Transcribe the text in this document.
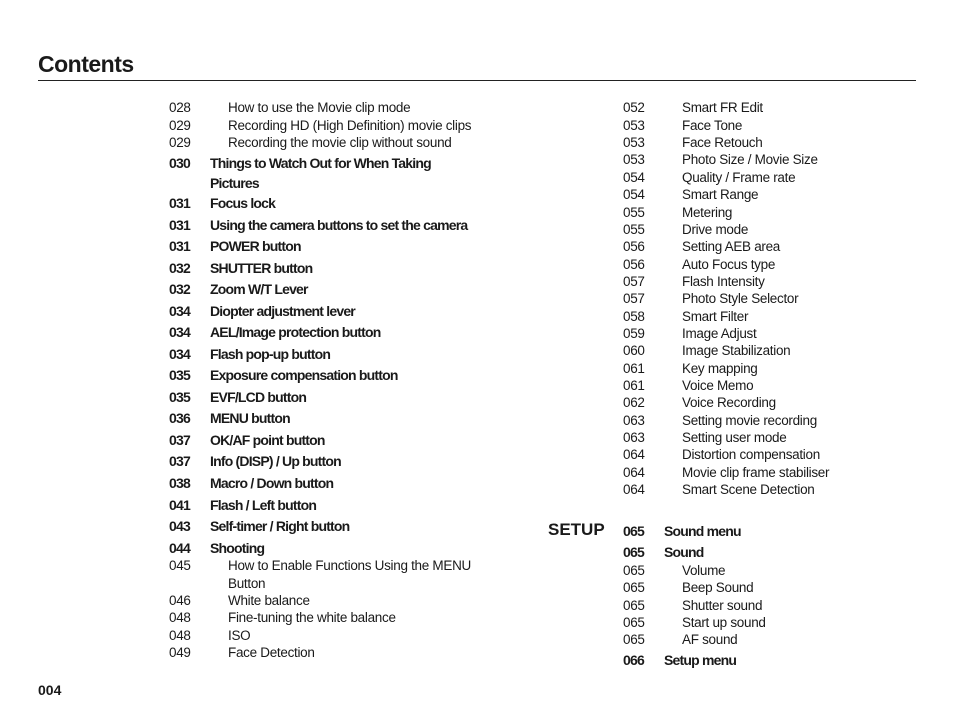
Contents
028	How to use the Movie clip mode
029	Recording HD (High Definition) movie clips
029	Recording the movie clip without sound
030 Things to Watch Out for When Taking
Pictures
031 Focus lock
031 Using the camera buttons to set the camera
031 POWER button
032 SHUTTER button
032 Zoom W/T Lever
034 Diopter adjustment lever
034 AEL/Image protection button
034 Flash pop-up button
035 Exposure compensation button
035 EVF/LCD button
036 MENU button
037 OK/AF point button
037 Info (DISP) / Up button
038 Macro / Down button
041 Flash / Left button
043 Self-timer / Right button
044 Shooting
045	How to Enable Functions Using the MENU
Button
046	White balance
048	Fine-tuning the white balance
048	ISO
049	Face Detection
052	Smart FR Edit
053	Face Tone
053	Face Retouch
053	Photo Size / Movie Size
054	Quality / Frame rate
054	Smart Range
055	Metering
055	Drive mode
056	Setting AEB area
056	Auto Focus type
057	Flash Intensity
057	Photo Style Selector
058	Smart Filter
059	Image Adjust
060	Image Stabilization
061	Key mapping
061	Voice Memo
062	Voice Recording
063	Setting movie recording
063	Setting user mode
064	Distortion compensation
064	Movie clip frame stabiliser
064	Smart Scene Detection
SETUP 065 Sound menu
065 Sound
065	Volume
065	Beep Sound
065	Shutter sound
065	Start up sound
065	AF sound
066 Setup menu
004
